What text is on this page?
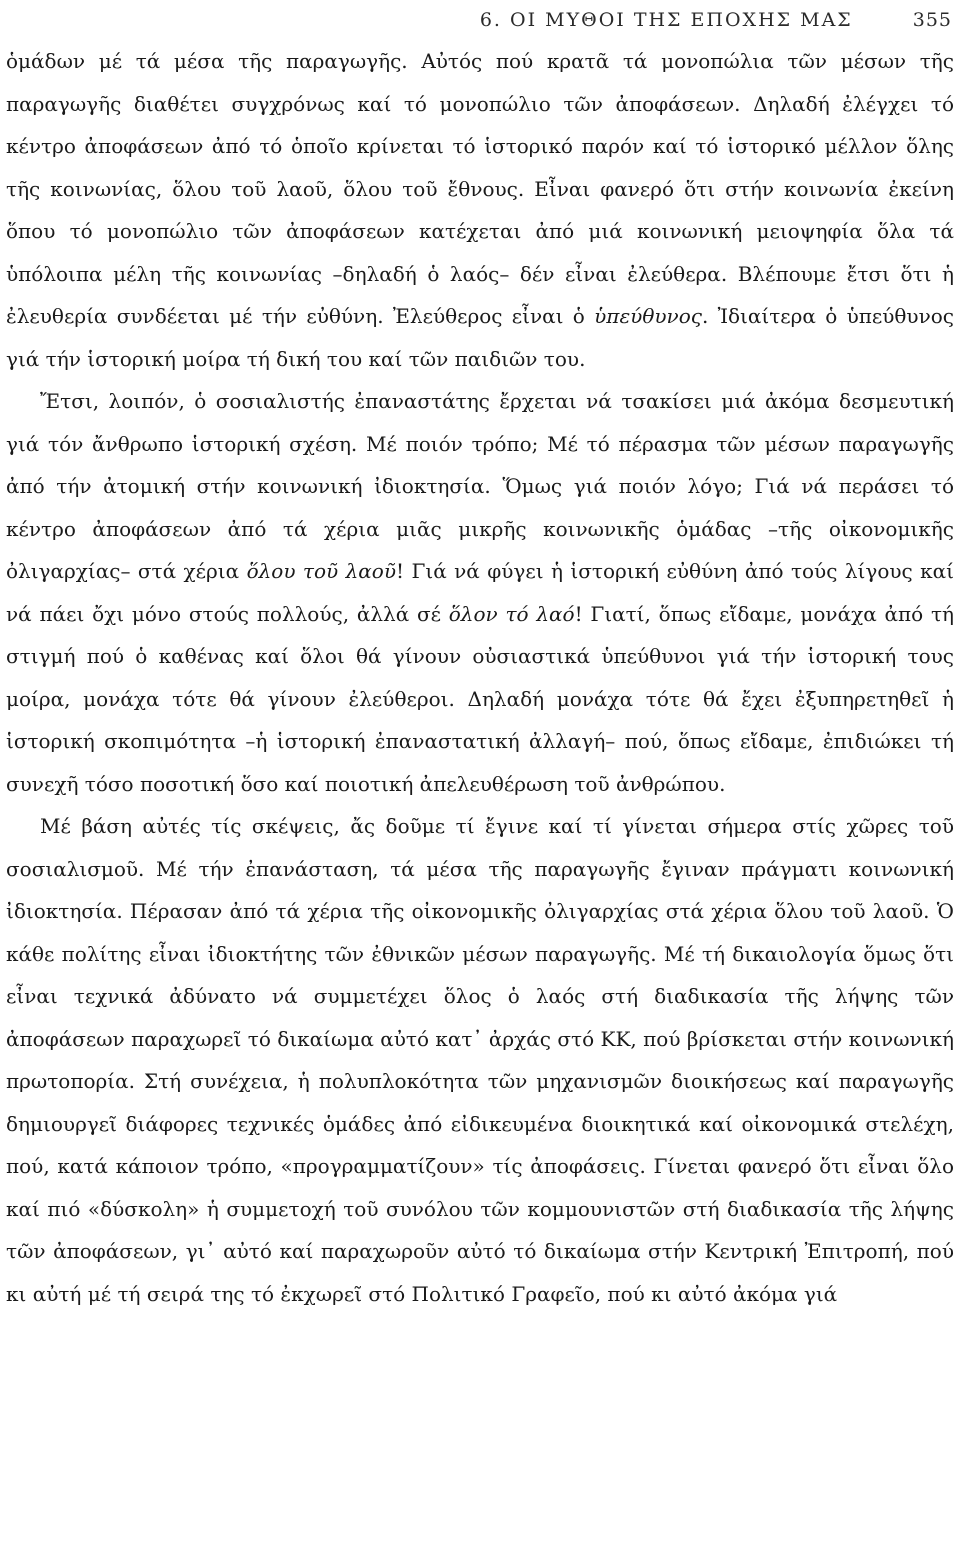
6. ΟΙ ΜΥΘΟΙ ΤΗΣ ΕΠΟΧΗΣ ΜΑΣ	355

ὁμάδων μέ τά μέσα τῆς παραγωγῆς. Αὐτός πού κρατᾶ τά μονοπώλια τῶν μέσων τῆς παραγωγῆς διαθέτει συγχρόνως καί τό μονοπώλιο τῶν ἀποφάσεων. Δηλαδή ἐλέγχει τό κέντρο ἀποφάσεων ἀπό τό ὁποῖο κρίνεται τό ἱστορικό παρόν καί τό ἱστορικό μέλλον ὅλης τῆς κοινωνίας, ὅλου τοῦ λαοῦ, ὅλου τοῦ ἔθνους. Εἶναι φανερό ὅτι στήν κοινωνία ἐκείνη ὅπου τό μονοπώλιο τῶν ἀποφάσεων κατέχεται ἀπό μιά κοινωνική μειοψηφία ὅλα τά ὑπόλοιπα μέλη τῆς κοινωνίας –δηλαδή ὁ λαός– δέν εἶναι ἐλεύθερα. Βλέπουμε ἔτσι ὅτι ἡ ἐλευθερία συνδέεται μέ τήν εὐθύνη. Ἐλεύθερος εἶναι ὁ ὑπεύθυνος. Ἰδιαίτερα ὁ ὑπεύθυνος γιά τήν ἱστορική μοίρα τή δική του καί τῶν παιδιῶν του.

Ἔτσι, λοιπόν, ὁ σοσιαλιστής ἐπαναστάτης ἔρχεται νά τσακίσει μιά ἀκόμα δεσμευτική γιά τόν ἄνθρωπο ἱστορική σχέση. Μέ ποιόν τρόπο; Μέ τό πέρασμα τῶν μέσων παραγωγῆς ἀπό τήν ἀτομική στήν κοινωνική ἰδιοκτησία. Ὅμως γιά ποιόν λόγο; Γιά νά περάσει τό κέντρο ἀποφάσεων ἀπό τά χέρια μιᾶς μικρῆς κοινωνικῆς ὁμάδας –τῆς οἰκονομικῆς ὀλιγαρχίας– στά χέρια ὅλου τοῦ λαοῦ! Γιά νά φύγει ἡ ἱστορική εὐθύνη ἀπό τούς λίγους καί νά πάει ὄχι μόνο στούς πολλούς, ἀλλά σέ ὅλον τό λαό! Γιατί, ὅπως εἴδαμε, μονάχα ἀπό τή στιγμή πού ὁ καθένας καί ὅλοι θά γίνουν οὐσιαστικά ὑπεύθυνοι γιά τήν ἱστορική τους μοίρα, μονάχα τότε θά γίνουν ἐλεύθεροι. Δηλαδή μονάχα τότε θά ἔχει ἐξυπηρετηθεῖ ἡ ἱστορική σκοπιμότητα –ἡ ἱστορική ἐπαναστατική ἀλλαγή– πού, ὅπως εἴδαμε, ἐπιδιώκει τή συνεχῆ τόσο ποσοτική ὅσο καί ποιοτική ἀπελευθέρωση τοῦ ἀνθρώπου.

Μέ βάση αὐτές τίς σκέψεις, ἄς δοῦμε τί ἔγινε καί τί γίνεται σήμερα στίς χῶρες τοῦ σοσιαλισμοῦ. Μέ τήν ἐπανάσταση, τά μέσα τῆς παραγωγῆς ἔγιναν πράγματι κοινωνική ἰδιοκτησία. Πέρασαν ἀπό τά χέρια τῆς οἰκονομικῆς ὀλιγαρχίας στά χέρια ὅλου τοῦ λαοῦ. Ὁ κάθε πολίτης εἶναι ἰδιοκτήτης τῶν ἐθνικῶν μέσων παραγωγῆς. Μέ τή δικαιολογία ὅμως ὅτι εἶναι τεχνικά ἀδύνατο νά συμμετέχει ὅλος ὁ λαός στή διαδικασία τῆς λήψης τῶν ἀποφάσεων παραχωρεῖ τό δικαίωμα αὐτό κατ᾽ ἀρχάς στό ΚΚ, πού βρίσκεται στήν κοινωνική πρωτοπορία. Στή συνέχεια, ἡ πολυπλοκότητα τῶν μηχανισμῶν διοικήσεως καί παραγωγῆς δημιουργεῖ διάφορες τεχνικές ὁμάδες ἀπό εἰδικευμένα διοικητικά καί οἰκονομικά στελέχη, πού, κατά κάποιον τρόπο, «προγραμματίζουν» τίς ἀποφάσεις. Γίνεται φανερό ὅτι εἶναι ὅλο καί πιό «δύσκολη» ἡ συμμετοχή τοῦ συνόλου τῶν κομμουνιστῶν στή διαδικασία τῆς λήψης τῶν ἀποφάσεων, γι᾽ αὐτό καί παραχωροῦν αὐτό τό δικαίωμα στήν Κεντρική Ἐπιτροπή, πού κι αὐτή μέ τή σειρά της τό ἐκχωρεῖ στό Πολιτικό Γραφεῖο, πού κι αὐτό ἀκόμα γιά
